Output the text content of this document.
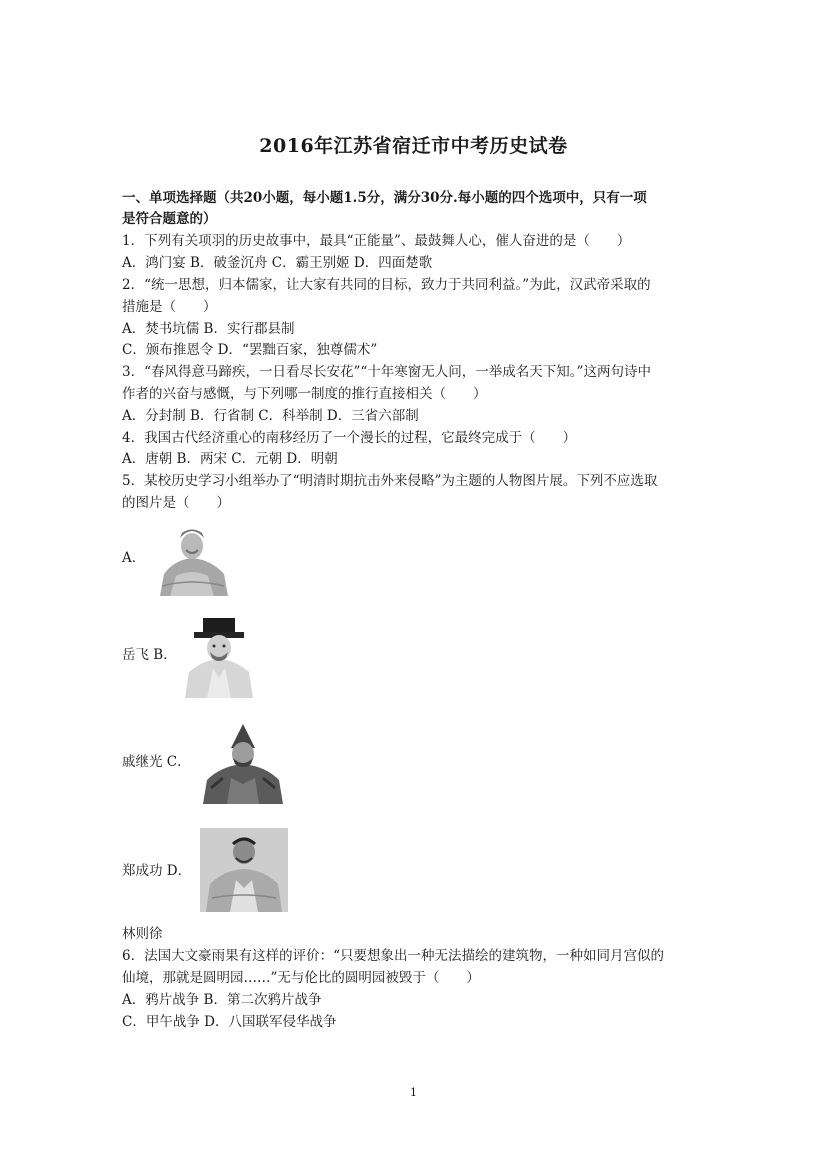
2016年江苏省宿迁市中考历史试卷
一、单项选择题（共20小题，每小题1.5分，满分30分.每小题的四个选项中，只有一项
是符合题意的）
1．下列有关项羽的历史故事中，最具“正能量”、最鼓舞人心，催人奋进的是（　　）
A．鸿门宴 B．破釜沉舟 C．霸王别姬 D．四面楚歌
2．“统一思想，归本儒家，让大家有共同的目标，致力于共同利益。”为此，汉武帝采取的
措施是（　　）
A．焚书坑儒 B．实行郡县制
C．颁布推恩令 D．“罢黜百家，独尊儒术”
3．“春风得意马蹄疾，一日看尽长安花”“十年寒窗无人问，一举成名天下知。”这两句诗中
作者的兴奋与感慨，与下列哪一制度的推行直接相关（　　）
A．分封制 B．行省制 C．科举制 D．三省六部制
4．我国古代经济重心的南移经历了一个漫长的过程，它最终完成于（　　）
A．唐朝 B．两宋 C．元朝 D．明朝
5．某校历史学习小组举办了“明清时期抗击外来侵略”为主题的人物图片展。下列不应选取
的图片是（　　）
A．
岳飞 B．
戚继光 C．
郑成功 D．
林则徐
6．法国大文豪雨果有这样的评价：“只要想象出一种无法描绘的建筑物，一种如同月宫似的
仙境，那就是圆明园……”无与伦比的圆明园被毁于（　　）
A．鸦片战争 B．第二次鸦片战争
C．甲午战争 D．八国联军侵华战争
1
